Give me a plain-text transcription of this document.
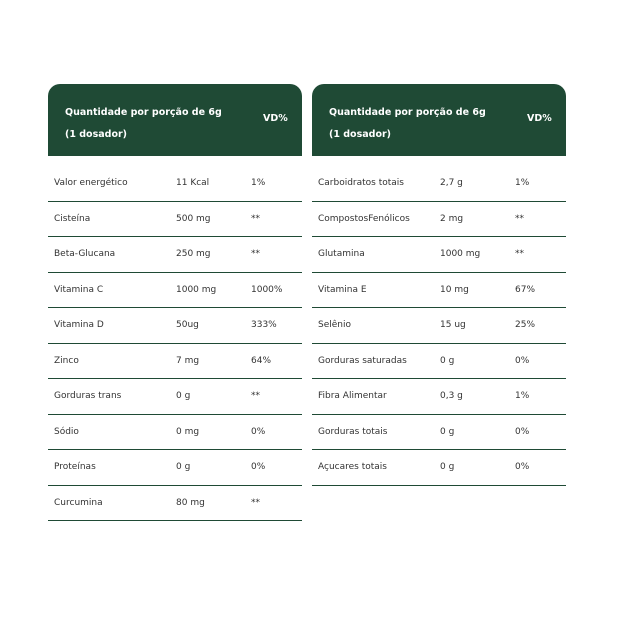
Quantidade por porção de 6g (1 dosador)
VD%
Valor energético	11 Kcal	1%
Cisteína	500 mg	**
Beta-Glucana	250 mg	**
Vitamina C	1000 mg	1000%
Vitamina D	50ug	333%
Zinco	7 mg	64%
Gorduras trans	0 g	**
Sódio	0 mg	0%
Proteínas	0 g	0%
Curcumina	80 mg	**
Quantidade por porção de 6g (1 dosador)
VD%
Carboidratos totais	2,7 g	1%
CompostosFenólicos	2 mg	**
Glutamina	1000 mg	**
Vitamina E	10 mg	67%
Selênio	15 ug	25%
Gorduras saturadas	0 g	0%
Fibra Alimentar	0,3 g	1%
Gorduras totais	0 g	0%
Açucares totais	0 g	0%
